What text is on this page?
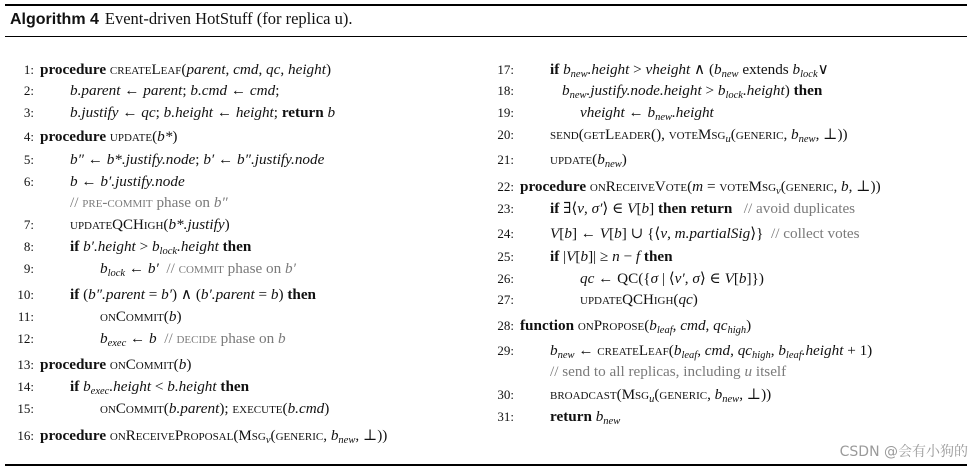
Algorithm 4 Event-driven HotStuff (for replica u).
1: procedure createLeaf(parent, cmd, qc, height)
2: b.parent ← parent; b.cmd ← cmd;
3: b.justify ← qc; b.height ← height; return b
4: procedure update(b*)
5: b″ ← b*.justify.node; b′ ← b″.justify.node
6: b ← b′.justify.node
// pre-commit phase on b″
7: updateQCHigh(b*.justify)
8: if b′.height > $b_{lock}.height$ then
9:	$b_{lock}$ ← b′  // commit phase on b′
10: if (b″.parent = b′) ∧ (b′.parent = b) then
11:	onCommit(b)
12:	$b_{exec}$ ← b  // decide phase on b
13: procedure onCommit(b)
14: if $b_{exec}.height$ < b.height then
15:	onCommit(b.parent); execute(b.cmd)
16: procedure onReceiveProposal(Msg$_v$(generic, $b_{new}$, ⊥))
17: if $b_{new}.height$ > vheight ∧ ($b_{new}$ extends $b_{lock}\vee$
18:	$b_{new}.justify.node.height$ > $b_{lock}.height$) then
19:	vheight ← $b_{new}.height$
20: send(getLeader(), voteMsg$_u$(generic, $b_{new}$, ⊥))
21: $update(b_{new})$
22: procedure onReceiveVote(m = voteMsg$_v$(generic, b, ⊥))
23: if ∃⟨v, σ′⟩ ∈ V[b] then return   // avoid duplicates
24: V[b] ← V[b] ∪ {⟨v, m.partialSig⟩}  // collect votes
25: if |V[b]| ≥ n − f then
26:	qc ← QC({σ | ⟨v′, σ⟩ ∈ V[b]})
27:	updateQCHigh(qc)
28: function $onPropose(b_{leaf}$, cmd, $qc_{high}$)
29: $b_{new}$ ← $createLeaf(b_{leaf}$, cmd, $qc_{high}$, $b_{leaf}.height + 1$)
// send to all replicas, including u itself
30: broadcast(Msg$_u$(generic, $b_{new}$, ⊥))
31: return $b_{new}$
CSDN @会有小狗的
